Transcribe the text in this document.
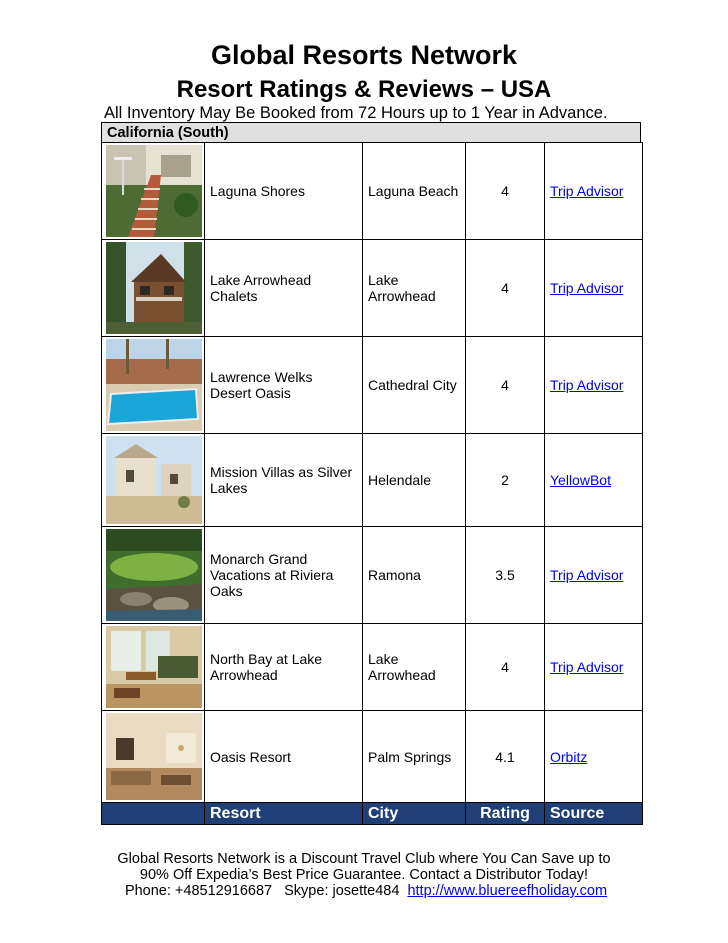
Global Resorts Network
Resort Ratings & Reviews – USA
All Inventory May Be Booked from 72 Hours up to 1 Year in Advance.
California (South)
	Laguna Shores	Laguna Beach	4	Trip Advisor

	Lake Arrowhead Chalets	Lake Arrowhead	4	Trip Advisor

	Lawrence Welks Desert Oasis	Cathedral City	4	Trip Advisor

	Mission Villas as Silver Lakes	Helendale	2	YellowBot

	Monarch Grand Vacations at Riviera Oaks	Ramona	3.5	Trip Advisor

	North Bay at Lake Arrowhead	Lake Arrowhead	4	Trip Advisor

	Oasis Resort	Palm Springs	4.1	Orbitz
	Resort	City	Rating	Source
Global Resorts Network is a Discount Travel Club where You Can Save up to
90% Off Expedia’s Best Price Guarantee. Contact a Distributor Today!
Phone: +48512916687 Skype: josette484 http://www.bluereefholiday.com
